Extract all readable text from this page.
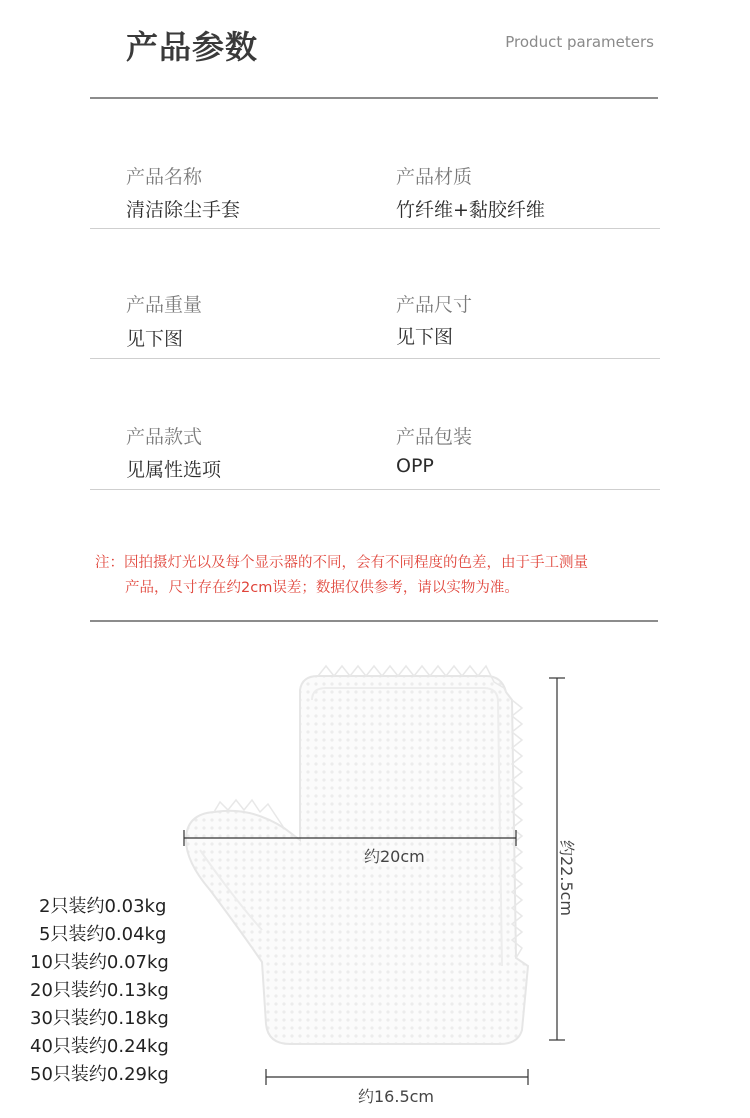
产品参数	Product parameters
产品名称
清洁除尘手套
产品材质
竹纤维+黏胶纤维
产品重量
见下图
产品尺寸
见下图
产品款式
见属性选项
产品包装
OPP
注：因拍摄灯光以及每个显示器的不同，会有不同程度的色差，由于手工测量
产品，尺寸存在约2cm误差；数据仅供参考，请以实物为准。
约20cm	约22.5cm
约16.5cm
2只装约0.03kg
5只装约0.04kg
10只装约0.07kg
20只装约0.13kg
30只装约0.18kg
40只装约0.24kg
50只装约0.29kg
